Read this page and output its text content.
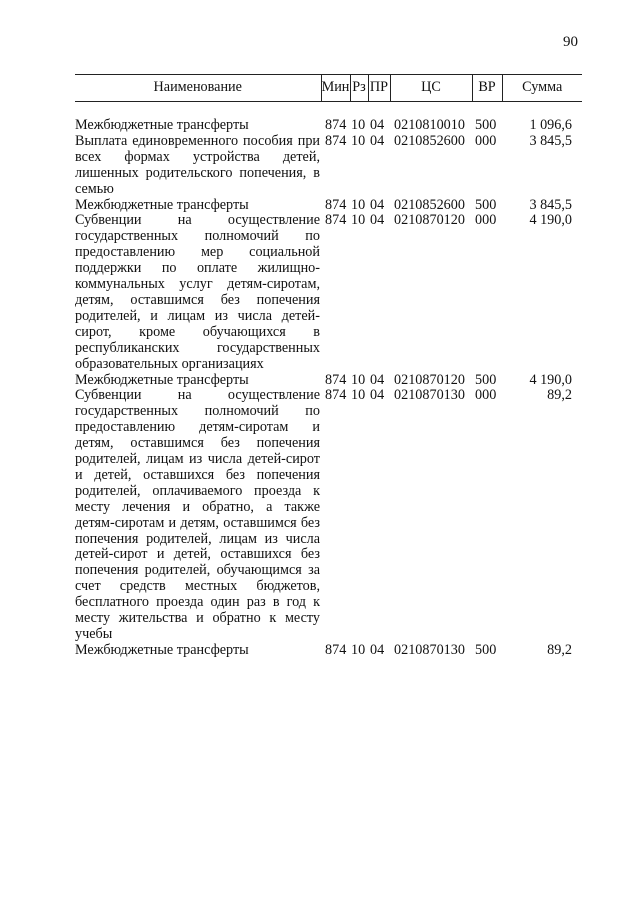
90
Наименование	Мин	Рз	ПР	ЦС	ВР	Сумма

Межбюджетные трансферты	874	10	04	0210810010	500	1 096,6
Выплата единовременного пособия при всех формах устройства детей, лишенных родительского попечения, в семью	874	10	04	0210852600	000	3 845,5
Межбюджетные трансферты	874	10	04	0210852600	500	3 845,5
Субвенции на осуществление государственных полномочий по предоставлению мер социальной поддержки по оплате жилищно-коммунальных услуг детям-сиротам, детям, оставшимся без попечения родителей, и лицам из числа детей-сирот, кроме обучающихся в республиканских государственных образовательных организациях	874	10	04	0210870120	000	4 190,0
Межбюджетные трансферты	874	10	04	0210870120	500	4 190,0
Субвенции на осуществление государственных полномочий по предоставлению детям-сиротам и детям, оставшимся без попечения родителей, лицам из числа детей-сирот и детей, оставшихся без попечения родителей, оплачиваемого проезда к месту лечения и обратно, а также детям-сиротам и детям, оставшимся без попечения родителей, лицам из числа детей-сирот и детей, оставшихся без попечения родителей, обучающимся за счет средств местных бюджетов, бесплатного проезда один раз в год к месту жительства и обратно к месту учебы	874	10	04	0210870130	000	89,2
Межбюджетные трансферты	874	10	04	0210870130	500	89,2
